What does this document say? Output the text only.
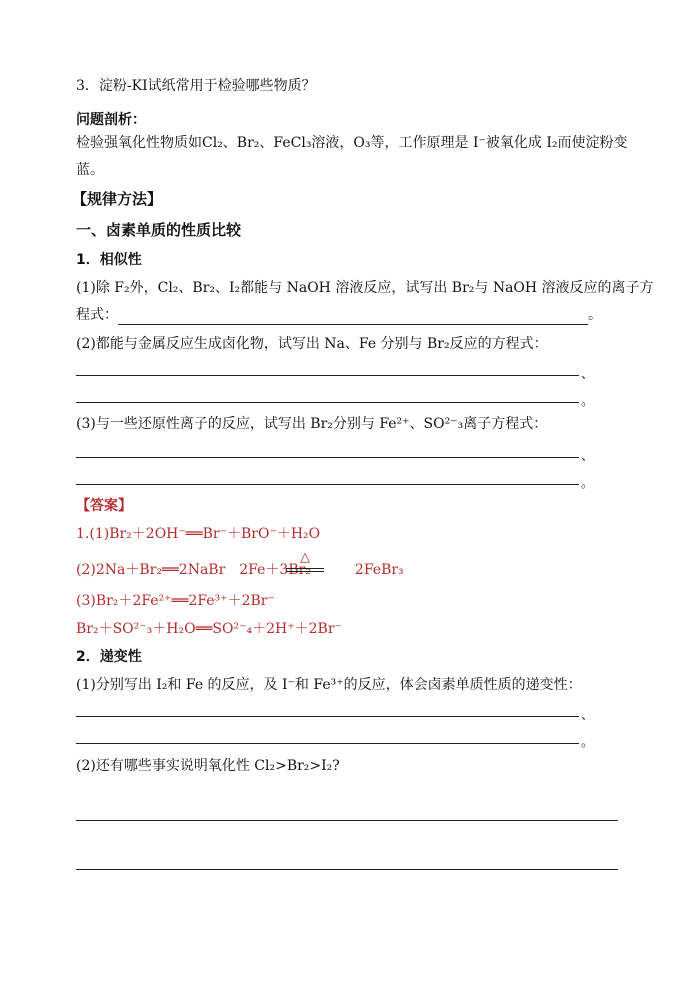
3．淀粉-KI试纸常用于检验哪些物质？
问题剖析：
检验强氧化性物质如Cl₂、Br₂、FeCl₃溶液，O₃等，工作原理是 I⁻被氧化成 I₂而使淀粉变
蓝。
【规律方法】
一、卤素单质的性质比较
1．相似性
(1)除 F₂外，Cl₂、Br₂、I₂都能与 NaOH 溶液反应，试写出 Br₂与 NaOH 溶液反应的离子方
程式：	。
(2)都能与金属反应生成卤化物，试写出 Na、Fe 分别与 Br₂反应的方程式：
、
。
(3)与一些还原性离子的反应，试写出 Br₂分别与 Fe²⁺、SO²⁻₃离子方程式：
、
。
【答案】
1.(1)Br₂＋2OH⁻══Br⁻＋BrO⁻＋H₂O
(2)2Na＋Br₂══2NaBr　2Fe＋3Br₂	2FeBr₃
△
(3)Br₂＋2Fe²⁺══2Fe³⁺＋2Br⁻
Br₂＋SO²⁻₃＋H₂O══SO²⁻₄＋2H⁺＋2Br⁻
2．递变性
(1)分别写出 I₂和 Fe 的反应，及 I⁻和 Fe³⁺的反应，体会卤素单质性质的递变性：
、
。
(2)还有哪些事实说明氧化性 Cl₂>Br₂>I₂?
